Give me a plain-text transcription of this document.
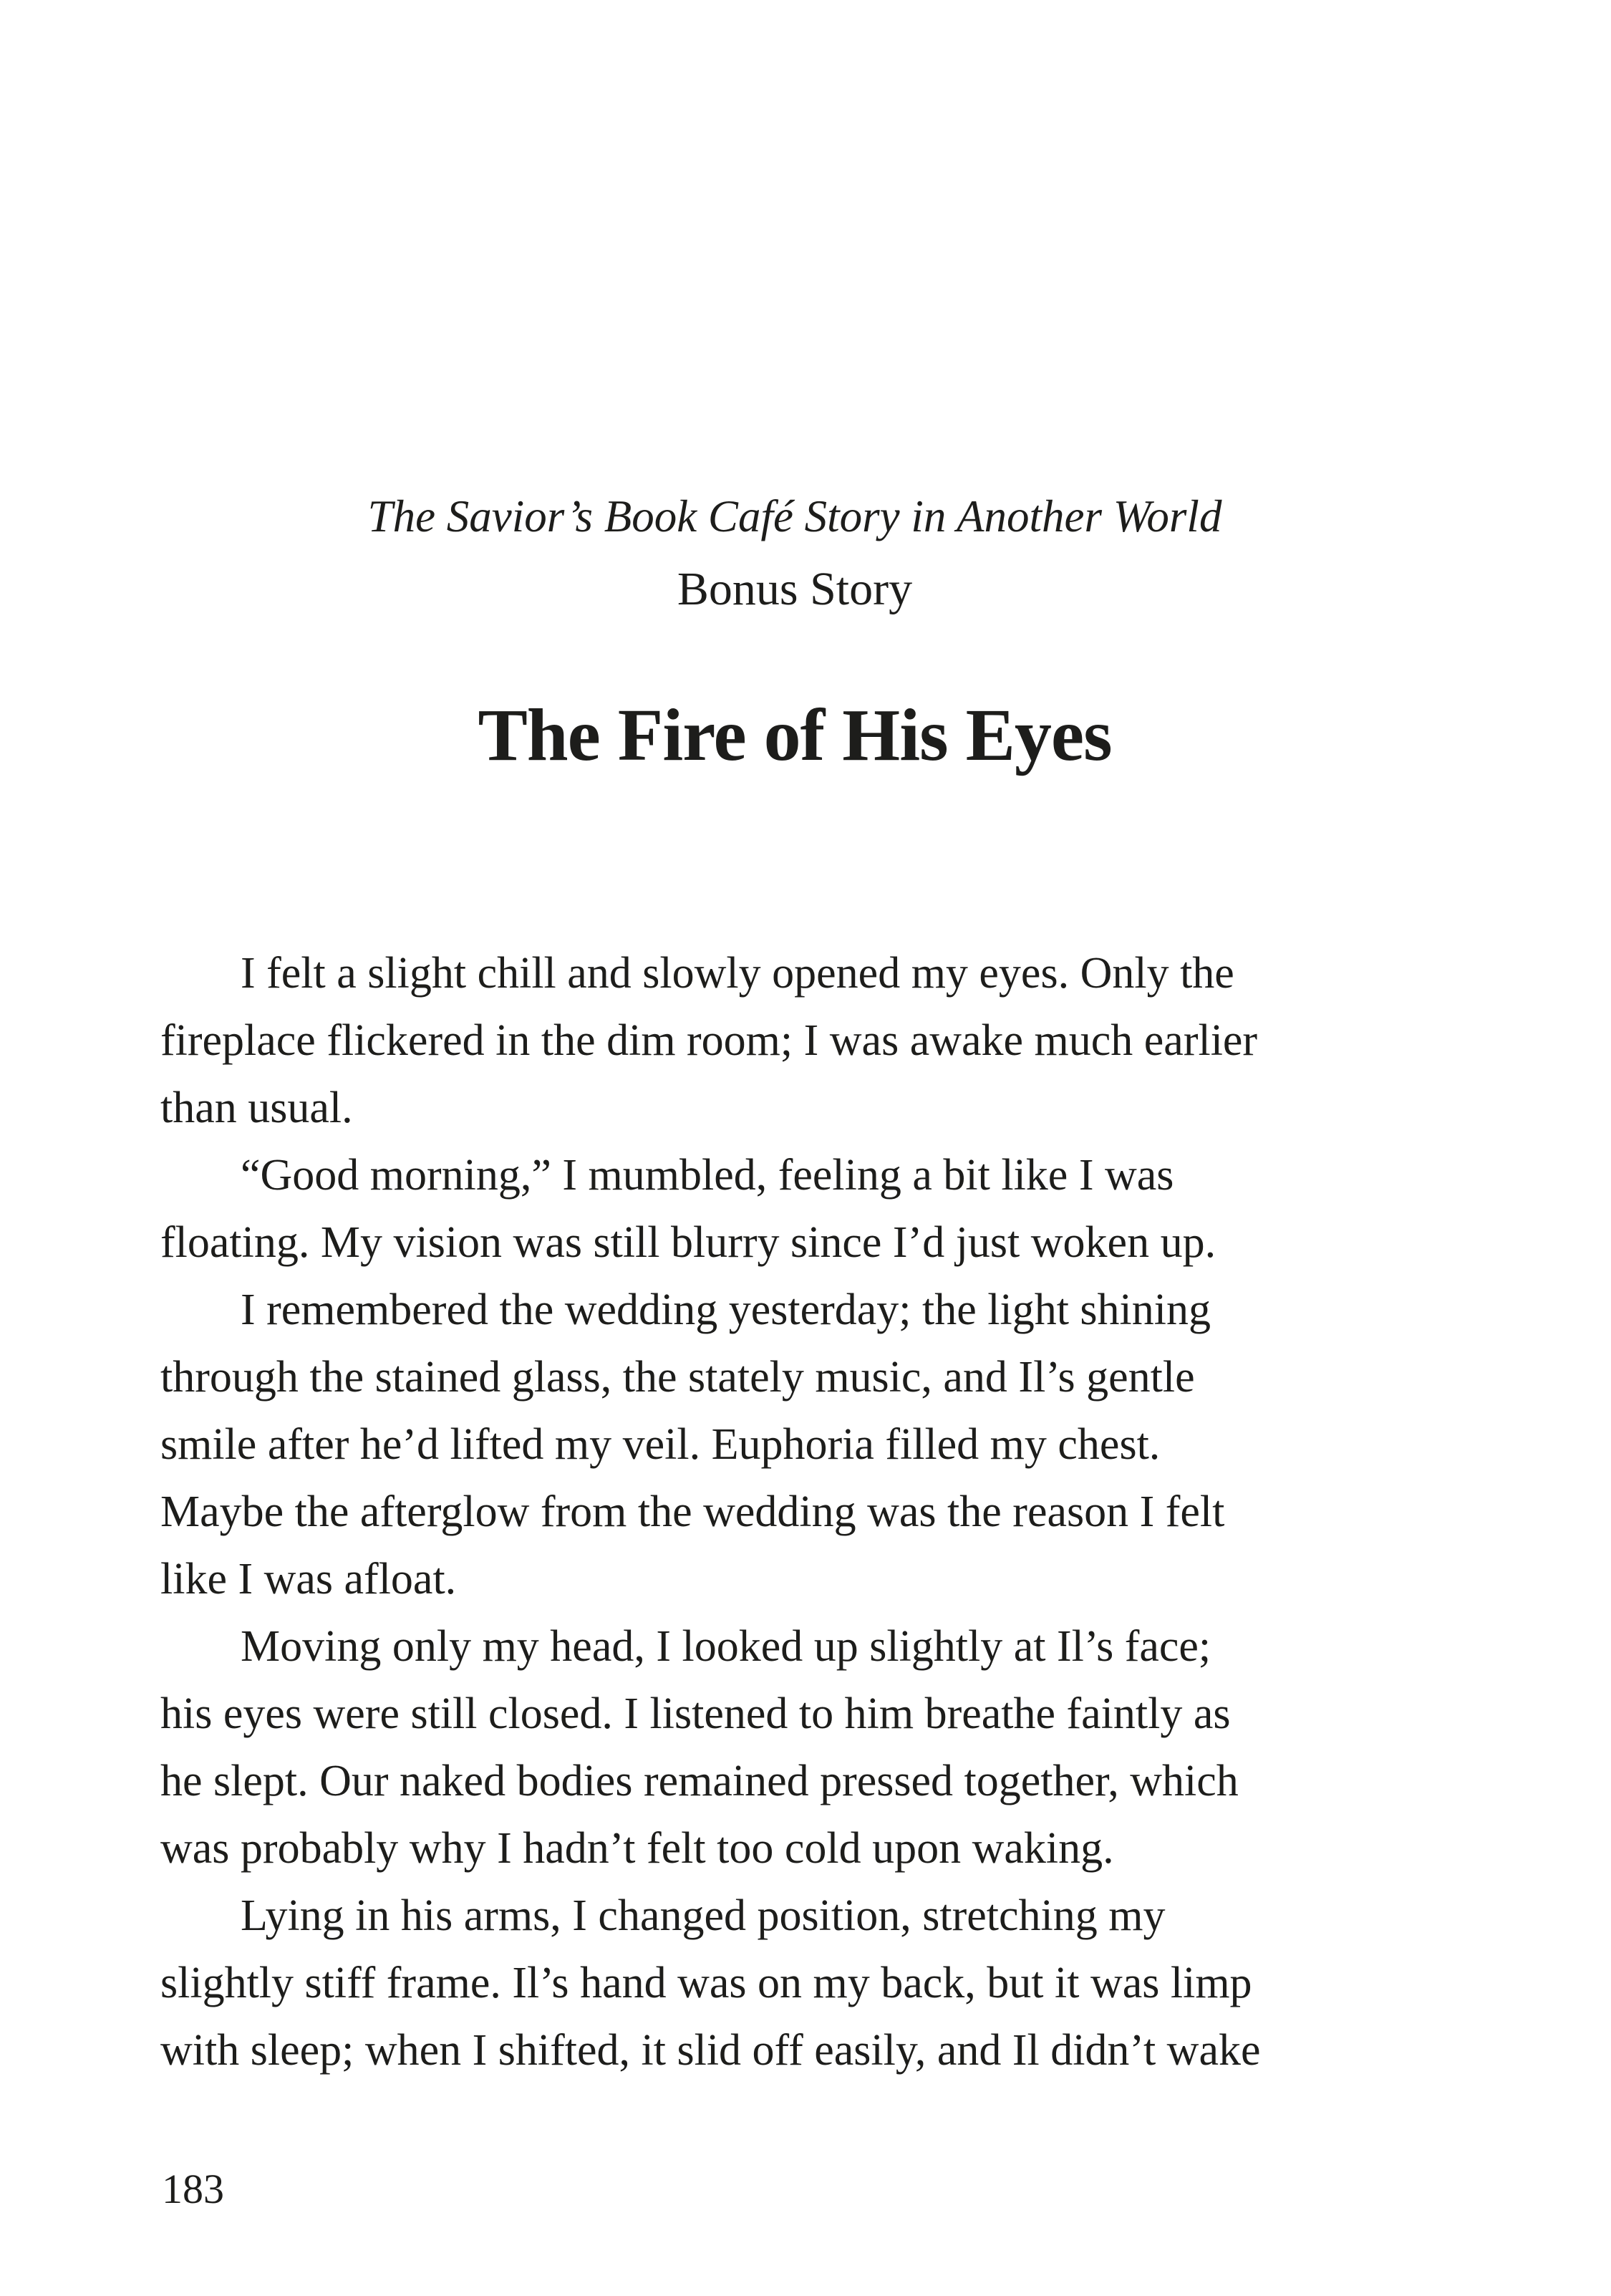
The Savior’s Book Café Story in Another World
Bonus Story
The Fire of His Eyes
I felt a slight chill and slowly opened my eyes. Only the
fireplace flickered in the dim room; I was awake much earlier
than usual.
“Good morning,” I mumbled, feeling a bit like I was
floating. My vision was still blurry since I’d just woken up.
I remembered the wedding yesterday; the light shining
through the stained glass, the stately music, and Il’s gentle
smile after he’d lifted my veil. Euphoria filled my chest.
Maybe the afterglow from the wedding was the reason I felt
like I was afloat.
Moving only my head, I looked up slightly at Il’s face;
his eyes were still closed. I listened to him breathe faintly as
he slept. Our naked bodies remained pressed together, which
was probably why I hadn’t felt too cold upon waking.
Lying in his arms, I changed position, stretching my
slightly stiff frame. Il’s hand was on my back, but it was limp
with sleep; when I shifted, it slid off easily, and Il didn’t wake
183
